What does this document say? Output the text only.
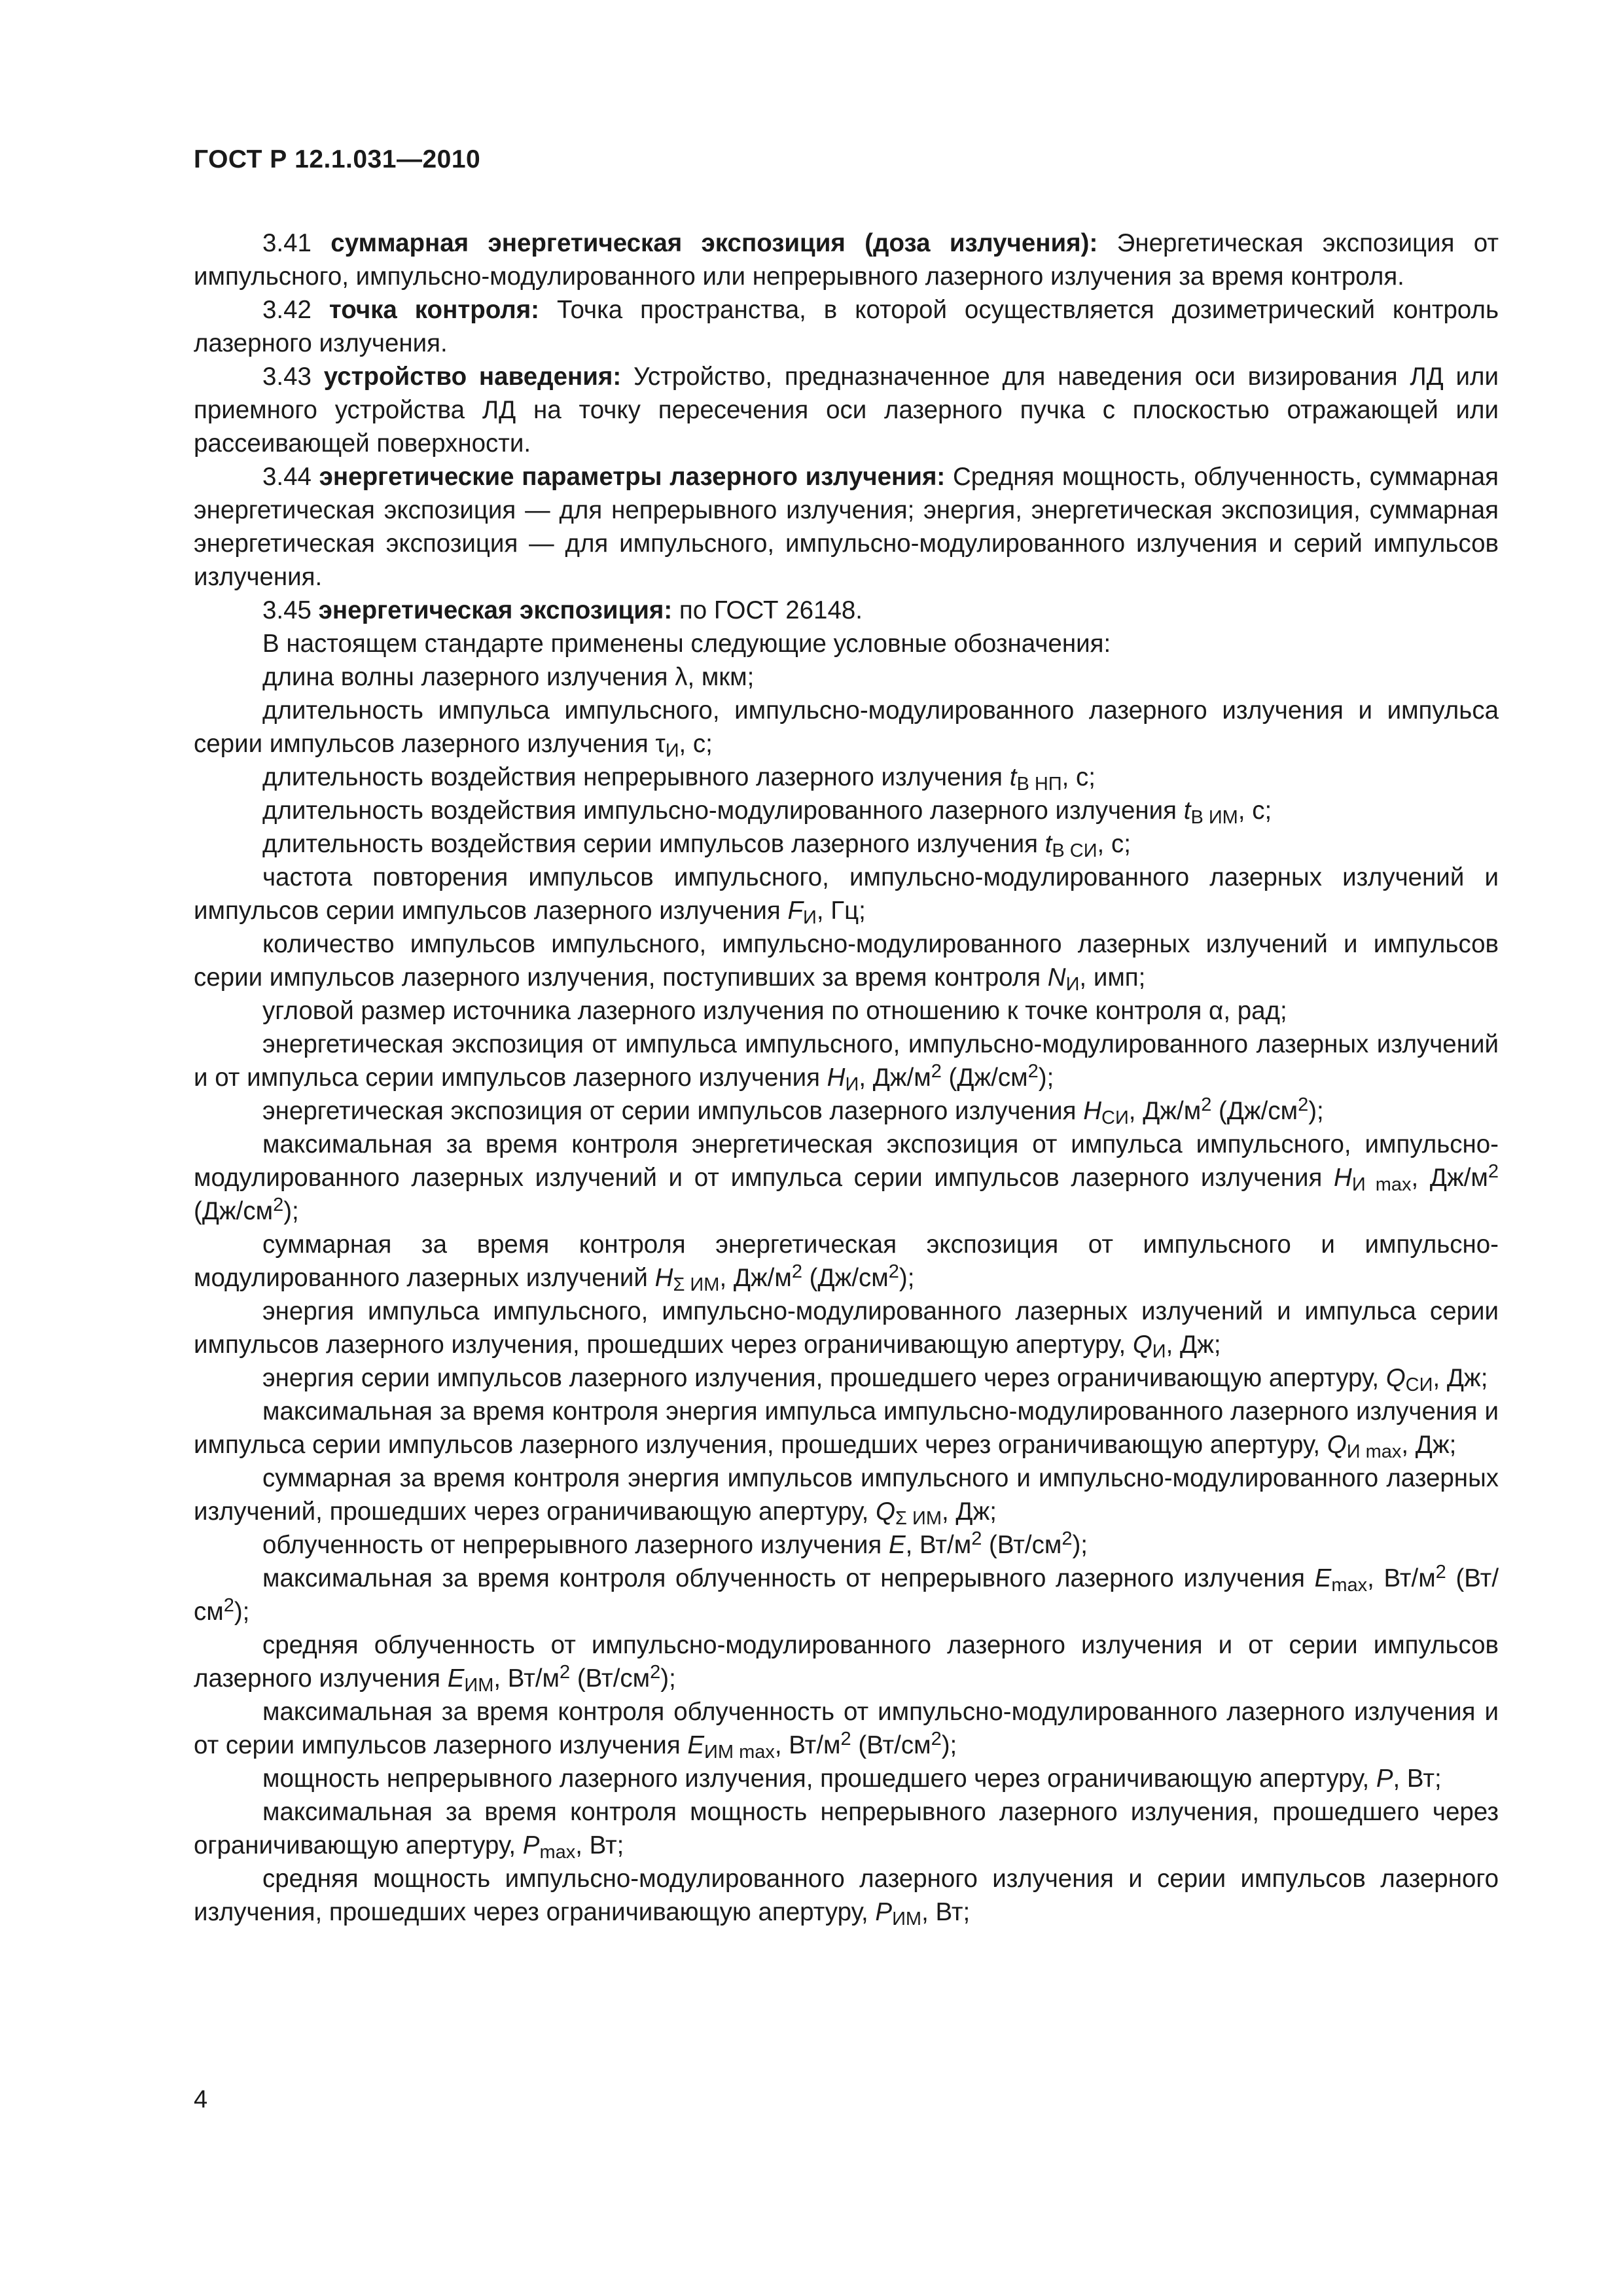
ГОСТ Р 12.1.031—2010

3.41 суммарная энергетическая экспозиция (доза излучения): Энергетическая экспозиция от импульсного, импульсно-модулированного или непрерывного лазерного излучения за время контроля.

3.42 точка контроля: Точка пространства, в которой осуществляется дозиметрический контроль лазерного излучения.

3.43 устройство наведения: Устройство, предназначенное для наведения оси визирования ЛД или приемного устройства ЛД на точку пересечения оси лазерного пучка с плоскостью отражающей или рассеивающей поверхности.

3.44 энергетические параметры лазерного излучения: Средняя мощность, облученность, суммарная энергетическая экспозиция — для непрерывного излучения; энергия, энергетическая экспозиция, суммарная энергетическая экспозиция — для импульсного, импульсно-модулированного излучения и серий импульсов излучения.

3.45 энергетическая экспозиция: по ГОСТ 26148.

В настоящем стандарте применены следующие условные обозначения:

длина волны лазерного излучения λ, мкм;

длительность импульса импульсного, импульсно-модулированного лазерного излучения и импульса серии импульсов лазерного излучения $\tau_И$, с;

длительность воздействия непрерывного лазерного излучения $t_{В НП}$, с;

длительность воздействия импульсно-модулированного лазерного излучения $t_{В ИМ}$, с;

длительность воздействия серии импульсов лазерного излучения $t_{В СИ}$, с;

частота повторения импульсов импульсного, импульсно-модулированного лазерных излучений и импульсов серии импульсов лазерного излучения $F_И$, Гц;

количество импульсов импульсного, импульсно-модулированного лазерных излучений и импульсов серии импульсов лазерного излучения, поступивших за время контроля $N_И$, имп;

угловой размер источника лазерного излучения по отношению к точке контроля α, рад;

энергетическая экспозиция от импульса импульсного, импульсно-модулированного лазерных излучений и от импульса серии импульсов лазерного излучения $H_И$, $Дж/м^2$ $(Дж/см^2)$;

энергетическая экспозиция от серии импульсов лазерного излучения $H_{СИ}$, $Дж/м^2$ $(Дж/см^2)$;

максимальная за время контроля энергетическая экспозиция от импульса импульсного, импульсно-модулированного лазерных излучений и от импульса серии импульсов лазерного излучения $H_{И max}$, $Дж/м^2$ $(Дж/см^2)$;

суммарная за время контроля энергетическая экспозиция от импульсного и импульсно-модулированного лазерных излучений $H_{\Sigma ИМ}$, $Дж/м^2$ $(Дж/см^2)$;

энергия импульса импульсного, импульсно-модулированного лазерных излучений и импульса серии импульсов лазерного излучения, прошедших через ограничивающую апертуру, $Q_И$, Дж;

энергия серии импульсов лазерного излучения, прошедшего через ограничивающую апертуру, $Q_{СИ}$, Дж;

максимальная за время контроля энергия импульса импульсно-модулированного лазерного излучения и импульса серии импульсов лазерного излучения, прошедших через ограничивающую апертуру, $Q_{И max}$, Дж;

суммарная за время контроля энергия импульсов импульсного и импульсно-модулированного лазерных излучений, прошедших через ограничивающую апертуру, $Q_{\Sigma ИМ}$, Дж;

облученность от непрерывного лазерного излучения E, $Вт/м^2$ $(Вт/см^2)$;

максимальная за время контроля облученность от непрерывного лазерного излучения $E_{max}$, $Вт/м^2$ $(Вт/см^2)$;

средняя облученность от импульсно-модулированного лазерного излучения и от серии импульсов лазерного излучения $E_{ИМ}$, $Вт/м^2$ $(Вт/см^2)$;

максимальная за время контроля облученность от импульсно-модулированного лазерного излучения и от серии импульсов лазерного излучения $E_{ИМ max}$, $Вт/м^2$ $(Вт/см^2)$;

мощность непрерывного лазерного излучения, прошедшего через ограничивающую апертуру, P, Вт;

максимальная за время контроля мощность непрерывного лазерного излучения, прошедшего через ограничивающую апертуру, $P_{max}$, Вт;

средняя мощность импульсно-модулированного лазерного излучения и серии импульсов лазерного излучения, прошедших через ограничивающую апертуру, $P_{ИМ}$, Вт;

4
